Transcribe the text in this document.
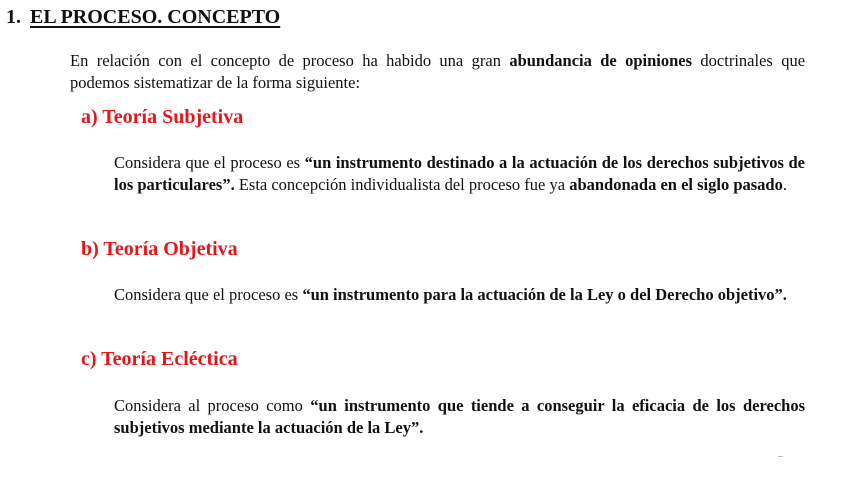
1. EL PROCESO. CONCEPTO

En relación con el concepto de proceso ha habido una gran abundancia de opiniones doctrinales que podemos sistematizar de la forma siguiente:

a) Teoría Subjetiva

Considera que el proceso es “un instrumento destinado a la actuación de los derechos subjetivos de los particulares”. Esta concepción individualista del proceso fue ya abandonada en el siglo pasado.

b) Teoría Objetiva

Considera que el proceso es “un instrumento para la actuación de la Ley o del Derecho objetivo”.

c) Teoría Ecléctica

Considera al proceso como “un instrumento que tiende a conseguir la eficacia de los derechos subjetivos mediante la actuación de la Ley”.
